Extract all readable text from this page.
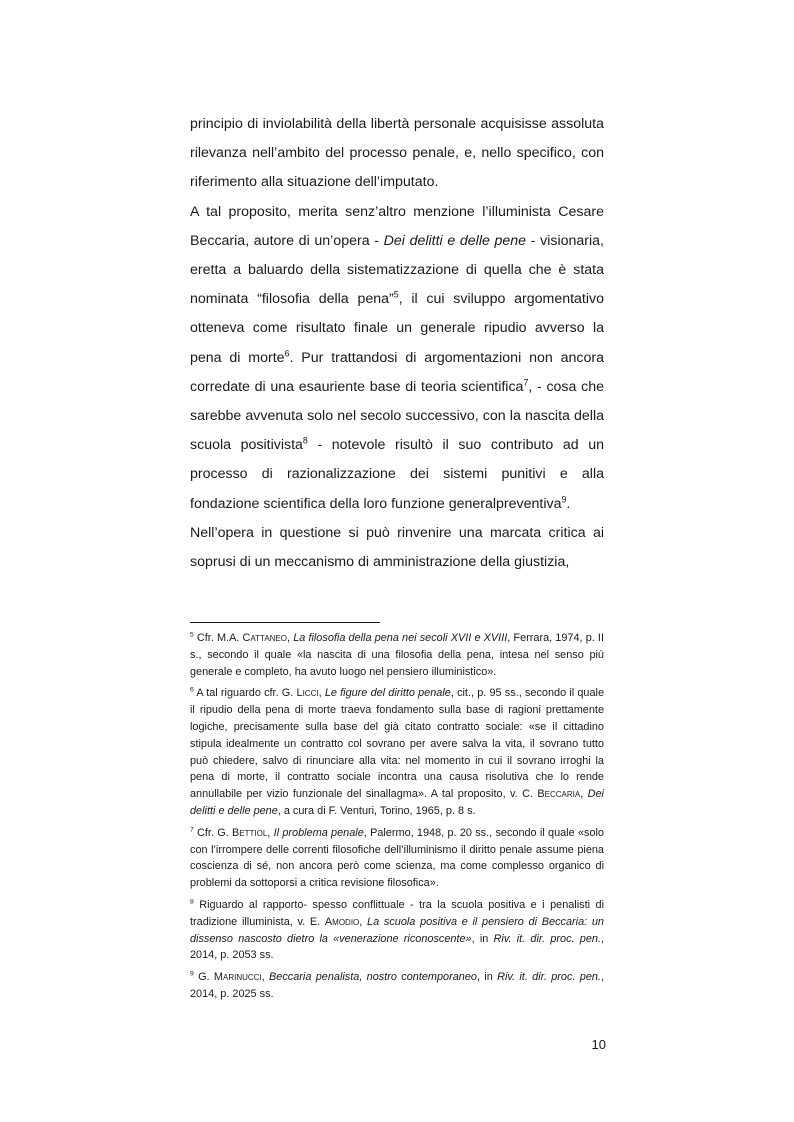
principio di inviolabilità della libertà personale acquisisse assoluta rilevanza nell’ambito del processo penale, e, nello specifico, con riferimento alla situazione dell’imputato.

A tal proposito, merita senz’altro menzione l’illuminista Cesare Beccaria, autore di un’opera - Dei delitti e delle pene - visionaria, eretta a baluardo della sistematizzazione di quella che è stata nominata “filosofia della pena”$^5$, il cui sviluppo argomentativo otteneva come risultato finale un generale ripudio avverso la pena di morte$^6$. Pur trattandosi di argomentazioni non ancora corredate di una esauriente base di teoria scientifica$^7$, - cosa che sarebbe avvenuta solo nel secolo successivo, con la nascita della scuola positivista$^8$ - notevole risultò il suo contributo ad un processo di razionalizzazione dei sistemi punitivi e alla fondazione scientifica della loro funzione generalpreventiva$^9$.

Nell’opera in questione si può rinvenire una marcata critica ai soprusi di un meccanismo di amministrazione della giustizia,

$^5$ Cfr. M.A. Cattaneo, La filosofia della pena nei secoli XVII e XVIII, Ferrara, 1974, p. II s., secondo il quale «la nascita di una filosofia della pena, intesa nel senso più generale e completo, ha avuto luogo nel pensiero illuministico».

$^6$ A tal riguardo cfr. G. Licci, Le figure del diritto penale, cit., p. 95 ss., secondo il quale il ripudio della pena di morte traeva fondamento sulla base di ragioni prettamente logiche, precisamente sulla base del già citato contratto sociale: «se il cittadino stipula idealmente un contratto col sovrano per avere salva la vita, il sovrano tutto può chiedere, salvo di rinunciare alla vita: nel momento in cui il sovrano irroghi la pena di morte, il contratto sociale incontra una causa risolutiva che lo rende annullabile per vizio funzionale del sinallagma». A tal proposito, v. C. Beccaria, Dei delitti e delle pene, a cura di F. Venturi, Torino, 1965, p. 8 s.

$^7$ Cfr. G. Bettiol, Il problema penale, Palermo, 1948, p. 20 ss., secondo il quale «solo con l’irrompere delle correnti filosofiche dell’illuminismo il diritto penale assume piena coscienza di sé, non ancora però come scienza, ma come complesso organico di problemi da sottoporsi a critica revisione filosofica».

$^8$ Riguardo al rapporto- spesso conflittuale - tra la scuola positiva e i penalisti di tradizione illuminista, v. E. Amodio, La scuola positiva e il pensiero di Beccaria: un dissenso nascosto dietro la «venerazione riconoscente», in Riv. it. dir. proc. pen., 2014, p. 2053 ss.

$^9$ G. Marinucci, Beccaria penalista, nostro contemporaneo, in Riv. it. dir. proc. pen., 2014, p. 2025 ss.

10
